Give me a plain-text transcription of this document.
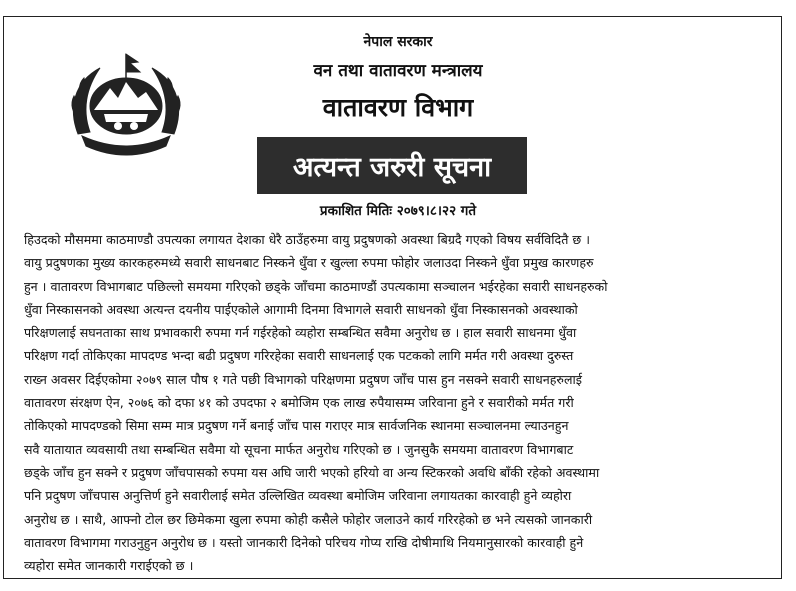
नेपाल सरकार
वन तथा वातावरण मन्त्रालय
वातावरण विभाग
अत्यन्त जरुरी सूचना
प्रकाशित मितिः २०७९।८।२२ गते
हिउदको मौसममा काठमाण्डौ उपत्यका लगायत देशका धेरै ठाउँहरुमा वायु प्रदुषणको अवस्था बिग्रदै गएको विषय सर्वविदितै छ ।
वायु प्रदुषणका मुख्य कारकहरुमध्ये सवारी साधनबाट निस्कने धुँवा र खुल्ला रुपमा फोहोर जलाउदा निस्कने धुँवा प्रमुख कारणहरु
हुन । वातावरण विभागबाट पछिल्लो समयमा गरिएको छड्के जाँचमा काठमाण्डौं उपत्यकामा सञ्चालन भईरहेका सवारी साधनहरुको
धुँवा निस्कासनको अवस्था अत्यन्त दयनीय पाईएकोले आगामी दिनमा विभागले सवारी साधनको धुँवा निस्कासनको अवस्थाको
परिक्षणलाई सघनताका साथ प्रभावकारी रुपमा गर्न गईरहेको व्यहोरा सम्बन्धित सवैमा अनुरोध छ । हाल सवारी साधनमा धुँवा
परिक्षण गर्दा तोकिएका मापदण्ड भन्दा बढी प्रदुषण गरिरहेका सवारी साधनलाई एक पटकको लागि मर्मत गरी अवस्था दुरुस्त
राख्न अवसर दिईएकोमा २०७९ साल पौष १ गते पछी विभागको परिक्षणमा प्रदुषण जाँच पास हुन नसक्ने सवारी साधनहरुलाई
वातावरण संरक्षण ऐन, २०७६ को दफा ४१ को उपदफा २ बमोजिम एक लाख रुपैयासम्म जरिवाना हुने र सवारीको मर्मत गरी
तोकिएको मापदण्डको सिमा सम्म मात्र प्रदुषण गर्ने बनाई जाँच पास गराएर मात्र सार्वजनिक स्थानमा सञ्चालनमा ल्याउनहुन
सवै यातायात व्यवसायी तथा सम्बन्धित सवैमा यो सूचना मार्फत अनुरोध गरिएको छ । जुनसुकै समयमा वातावरण विभागबाट
छड्के जाँच हुन सक्ने र प्रदुषण जाँचपासको रुपमा यस अघि जारी भएको हरियो वा अन्य स्टिकरको अवधि बाँकी रहेको अवस्थामा
पनि प्रदुषण जाँचपास अनुत्तिर्ण हुने सवारीलाई समेत उल्लिखित व्यवस्था बमोजिम जरिवाना लगायतका कारवाही हुने व्यहोरा
अनुरोध छ । साथै, आफ्नो टोल छर छिमेकमा खुला रुपमा कोही कसैले फोहोर जलाउने कार्य गरिरहेको छ भने त्यसको जानकारी
वातावरण विभागमा गराउनुहुन अनुरोध छ । यस्तो जानकारी दिनेको परिचय गोप्य राखि दोषीमाथि नियमानुसारको कारवाही हुने
व्यहोरा समेत जानकारी गराईएको छ ।
